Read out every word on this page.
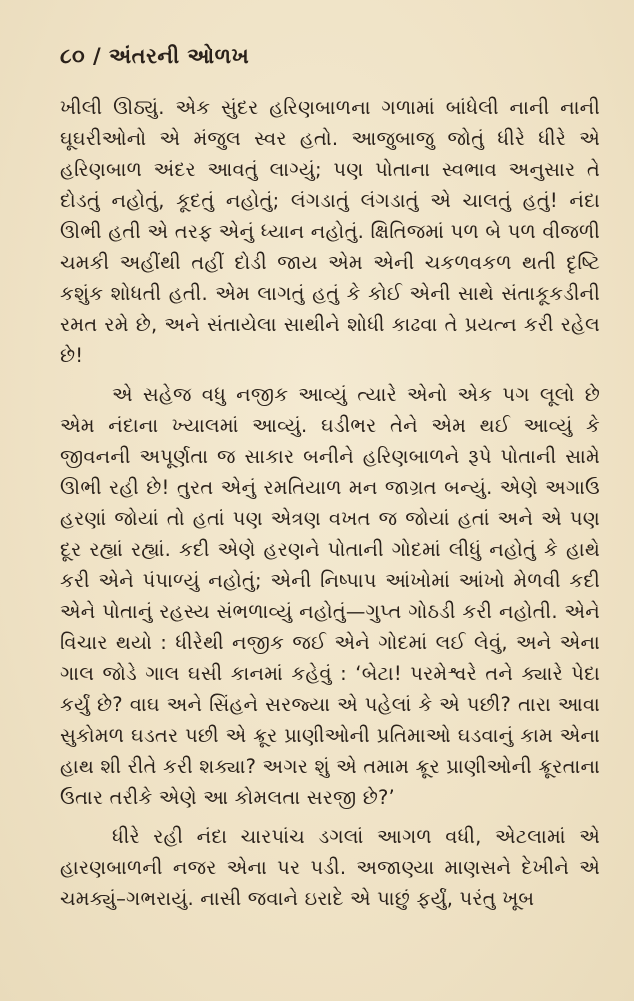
૮૦ / અંતરની ઓળખ

ખીલી ઊઠ્યું. એક સુંદર હરિણબાળના ગળામાં બાંધેલી નાની નાની ઘૂઘરીઓનો એ મંજુલ સ્વર હતો. આજુબાજુ જોતું ધીરે ધીરે એ હરિણબાળ અંદર આવતું લાગ્યું; પણ પોતાના સ્વભાવ અનુસાર તે દોડતું નહોતું, કૂદતું નહોતું; લંગડાતું લંગડાતું એ ચાલતું હતું! નંદા ઊભી હતી એ તરફ એનું ધ્યાન નહોતું. ક્ષિતિજમાં પળ બે પળ વીજળી ચમકી અહીંથી તહીં દોડી જાય એમ એની ચકળવકળ થતી દૃષ્ટિ કશુંક શોધતી હતી. એમ લાગતું હતું કે કોઈ એની સાથે સંતાકૂકડીની રમત રમે છે, અને સંતાયેલા સાથીને શોધી કાઢવા તે પ્રયત્ન કરી રહેલ છે!

એ સહેજ વધુ નજીક આવ્યું ત્યારે એનો એક પગ લૂલો છે એમ નંદાના ખ્યાલમાં આવ્યું. ઘડીભર તેને એમ થઈ આવ્યું કે જીવનની અપૂર્ણતા જ સાકાર બનીને હરિણબાળને રૂપે પોતાની સામે ઊભી રહી છે! તુરત એનું રમતિયાળ મન જાગ્રત બન્યું. એણે અગાઉ હરણાં જોયાં તો હતાં પણ એત્રણ વખત જ જોયાં હતાં અને એ પણ દૂર રહ્યાં રહ્યાં. કદી એણે હરણને પોતાની ગોદમાં લીધું નહોતું કે હાથે કરી એને પંપાળ્યું નહોતું; એની નિષ્પાપ આંખોમાં આંખો મેળવી કદી એને પોતાનું રહસ્ય સંભળાવ્યું નહોતું—ગુપ્ત ગોઠડી કરી નહોતી. એને વિચાર થયો : ધીરેથી નજીક જઈ એને ગોદમાં લઈ લેવું, અને એના ગાલ જોડે ગાલ ઘસી કાનમાં કહેવું : ‘બેટા! પરમેશ્વરે તને ક્યારે પેદા કર્યું છે? વાઘ અને સિંહને સરજ્યા એ પહેલાં કે એ પછી? તારા આવા સુકોમળ ઘડતર પછી એ ક્રૂર પ્રાણીઓની પ્રતિમાઓ ઘડવાનું કામ એના હાથ શી રીતે કરી શક્યા? અગર શું એ તમામ ક્રૂર પ્રાણીઓની ક્રૂરતાના ઉતાર તરીકે એણે આ કોમલતા સરજી છે?’

ધીરે રહી નંદા ચારપાંચ ડગલાં આગળ વધી, એટલામાં એ હારણબાળની નજર એના પર પડી. અજાણ્યા માણસને દેખીને એ ચમક્યું–ગભરાયું. નાસી જવાને ઇરાદે એ પાછું ફર્યું, પરંતુ ખૂબ
